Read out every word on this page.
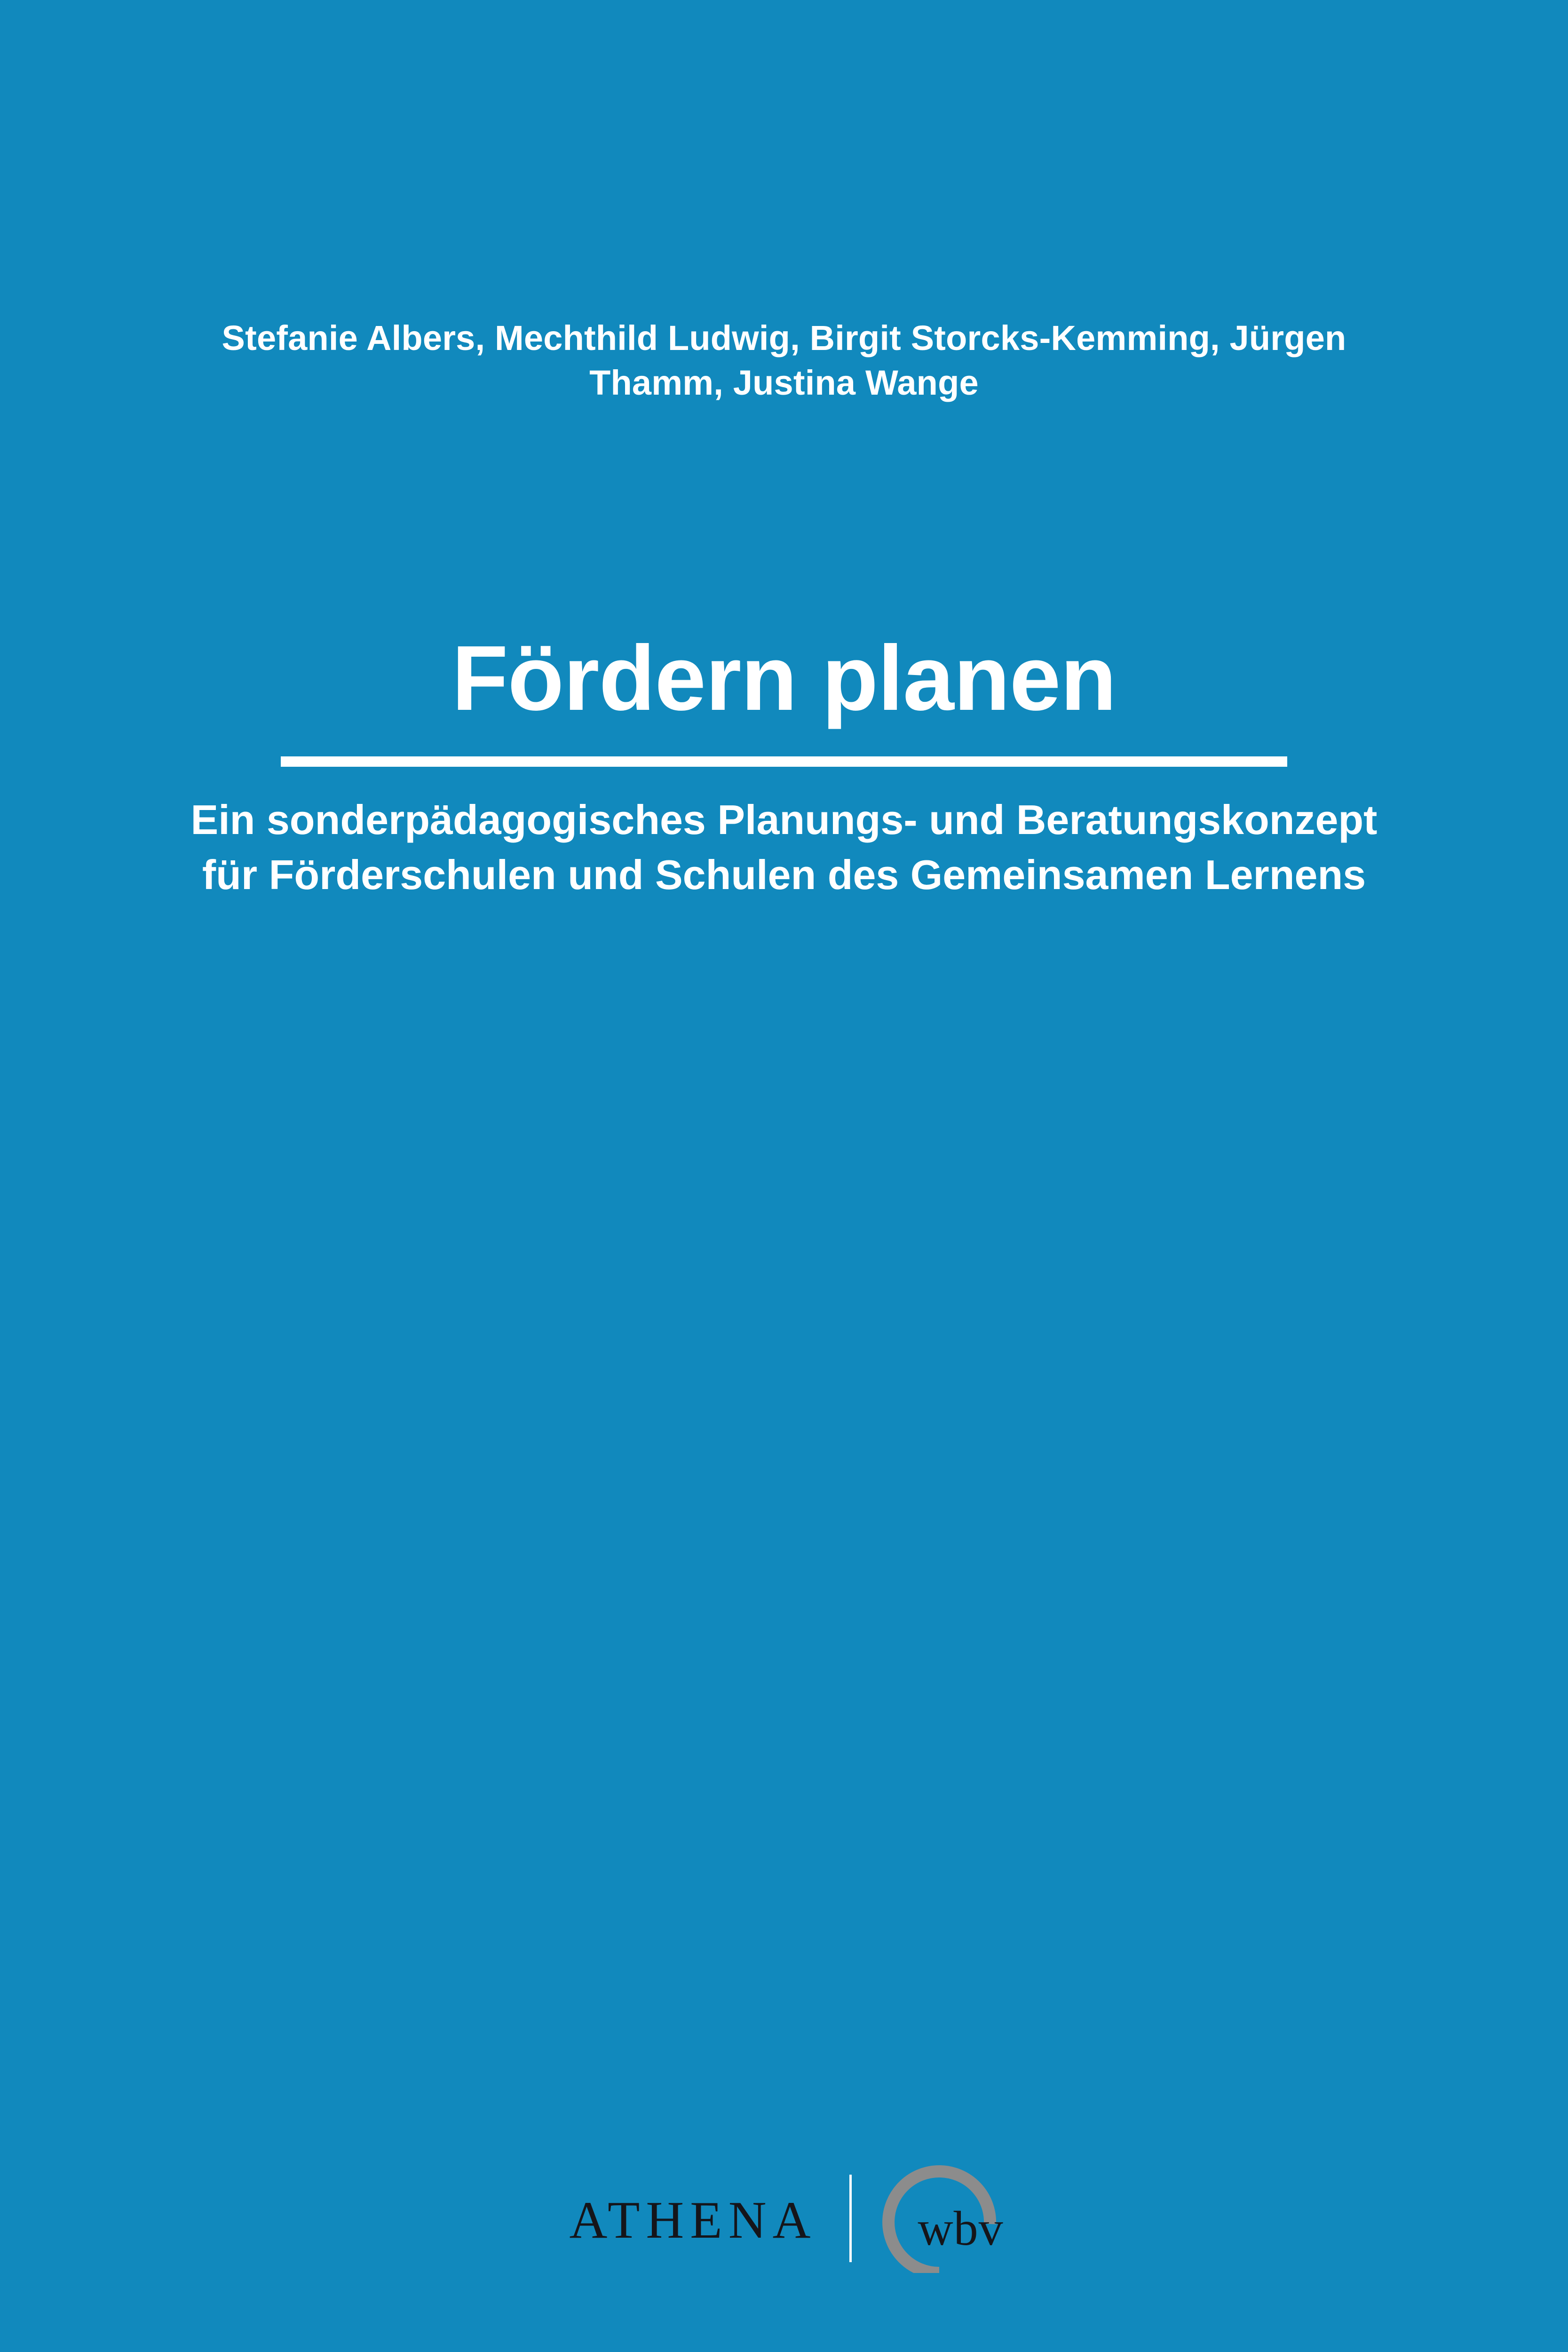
Stefanie Albers, Mechthild Ludwig, Birgit Storcks-Kemming, Jürgen Thamm, Justina Wange
Fördern planen

Ein sonderpädagogisches Planungs- und Beratungskonzept für Förderschulen und Schulen des Gemeinsamen Lernens

ATHENA	wbv
